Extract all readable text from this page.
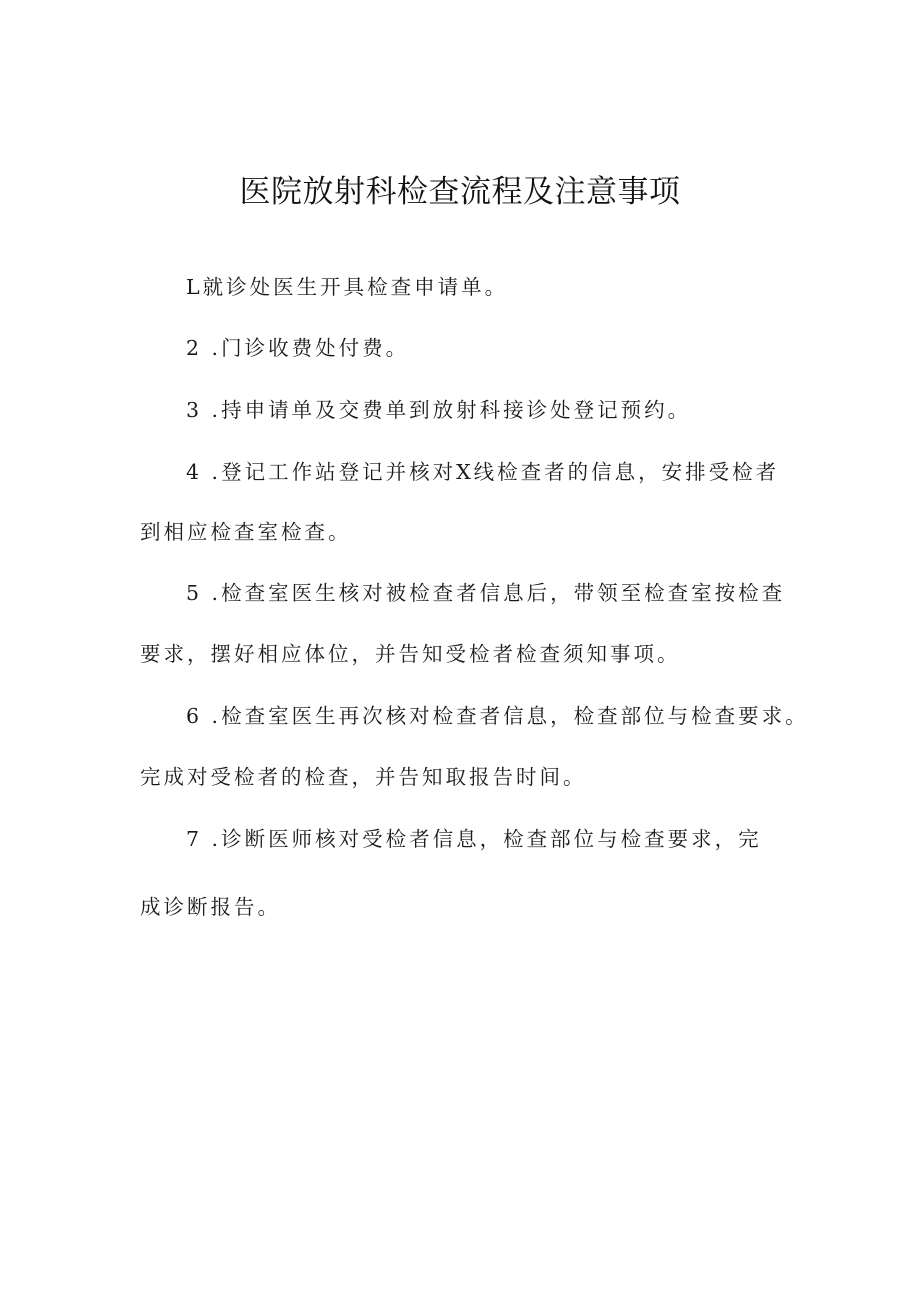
医院放射科检查流程及注意事项

L就诊处医生开具检查申请单。

2 .门诊收费处付费。

3 .持申请单及交费单到放射科接诊处登记预约。

4 .登记工作站登记并核对X线检查者的信息，安排受检者

到相应检查室检查。

5 .检查室医生核对被检查者信息后，带领至检查室按检查

要求，摆好相应体位，并告知受检者检查须知事项。

6 .检查室医生再次核对检查者信息，检查部位与检查要求。

完成对受检者的检查，并告知取报告时间。

7 .诊断医师核对受检者信息，检查部位与检查要求，完

成诊断报告。
